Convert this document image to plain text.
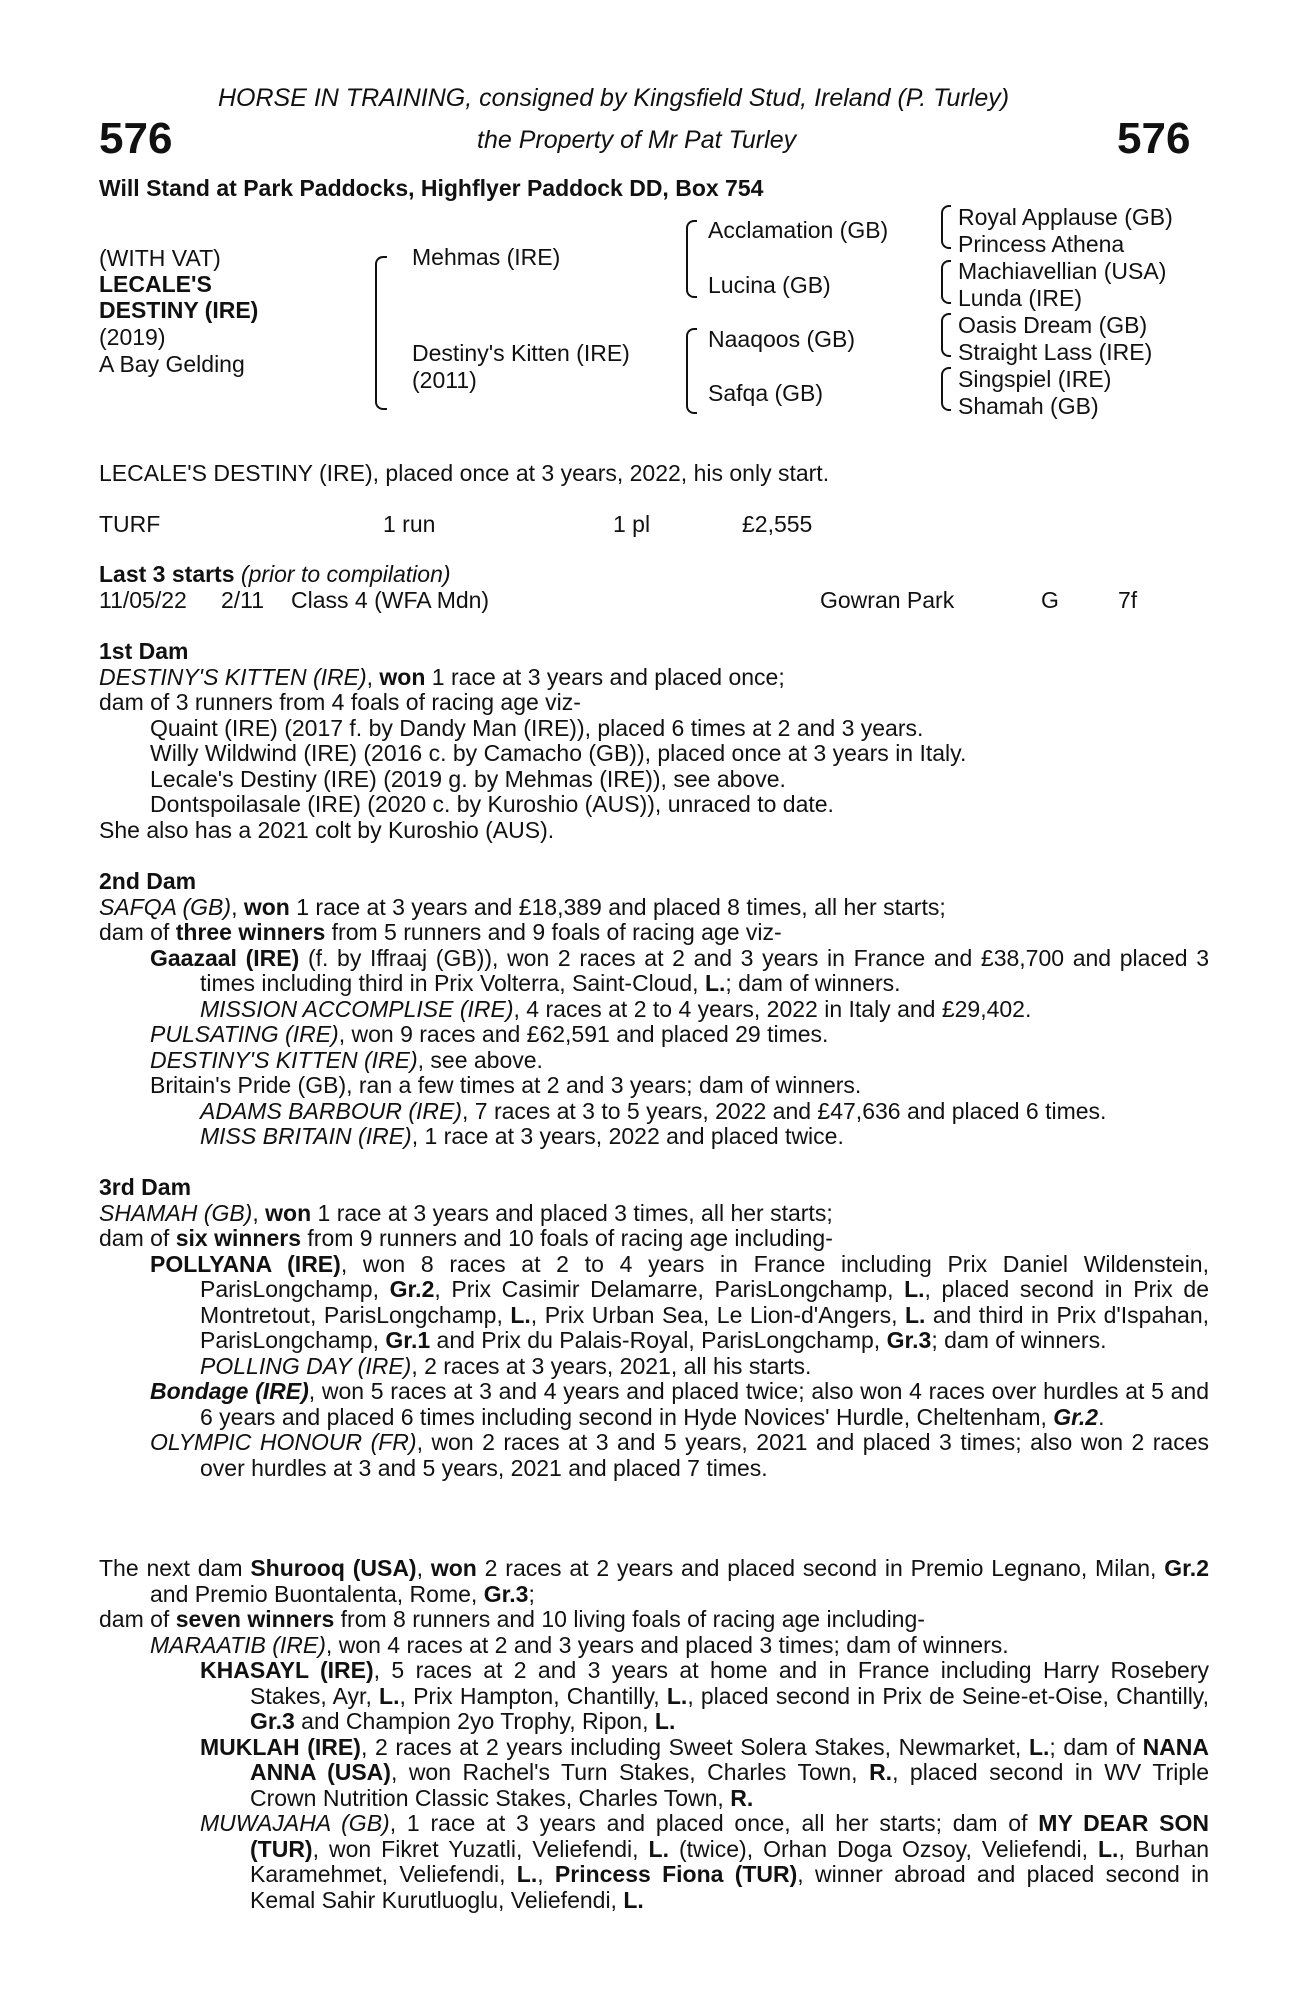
576	576
HORSE IN TRAINING, consigned by Kingsfield Stud, Ireland (P. Turley)
the Property of Mr Pat Turley
Will Stand at Park Paddocks, Highflyer Paddock DD, Box 754
(WITH VAT)
LECALE'S
DESTINY (IRE)
(2019)
A Bay Gelding
Mehmas (IRE)
Destiny's Kitten (IRE)
(2011)
Acclamation (GB)
Lucina (GB)
Naaqoos (GB)
Safqa (GB)
Royal Applause (GB)
Princess Athena
Machiavellian (USA)
Lunda (IRE)
Oasis Dream (GB)
Straight Lass (IRE)
Singspiel (IRE)
Shamah (GB)
LECALE'S DESTINY (IRE), placed once at 3 years, 2022, his only start.
TURF	1 run	1 pl	£2,555
Last 3 starts (prior to compilation)
11/05/22 2/11 Class 4 (WFA Mdn)	Gowran Park	G	7f

1st Dam

DESTINY'S KITTEN (IRE), won 1 race at 3 years and placed once;

dam of 3 runners from 4 foals of racing age viz-

Quaint (IRE) (2017 f. by Dandy Man (IRE)), placed 6 times at 2 and 3 years.

Willy Wildwind (IRE) (2016 c. by Camacho (GB)), placed once at 3 years in Italy.

Lecale's Destiny (IRE) (2019 g. by Mehmas (IRE)), see above.

Dontspoilasale (IRE) (2020 c. by Kuroshio (AUS)), unraced to date.

She also has a 2021 colt by Kuroshio (AUS).

2nd Dam

SAFQA (GB), won 1 race at 3 years and £18,389 and placed 8 times, all her starts;

dam of three winners from 5 runners and 9 foals of racing age viz-

Gaazaal (IRE) (f. by Iffraaj (GB)), won 2 races at 2 and 3 years in France and £38,700 and placed 3 times including third in Prix Volterra, Saint-Cloud, L.; dam of winners.

MISSION ACCOMPLISE (IRE), 4 races at 2 to 4 years, 2022 in Italy and £29,402.

PULSATING (IRE), won 9 races and £62,591 and placed 29 times.

DESTINY'S KITTEN (IRE), see above.

Britain's Pride (GB), ran a few times at 2 and 3 years; dam of winners.

ADAMS BARBOUR (IRE), 7 races at 3 to 5 years, 2022 and £47,636 and placed 6 times.

MISS BRITAIN (IRE), 1 race at 3 years, 2022 and placed twice.

3rd Dam

SHAMAH (GB), won 1 race at 3 years and placed 3 times, all her starts;

dam of six winners from 9 runners and 10 foals of racing age including-

POLLYANA (IRE), won 8 races at 2 to 4 years in France including Prix Daniel Wildenstein, ParisLongchamp, Gr.2, Prix Casimir Delamarre, ParisLongchamp, L., placed second in Prix de Montretout, ParisLongchamp, L., Prix Urban Sea, Le Lion-d'Angers, L. and third in Prix d'Ispahan, ParisLongchamp, Gr.1 and Prix du Palais-Royal, ParisLongchamp, Gr.3; dam of winners.

POLLING DAY (IRE), 2 races at 3 years, 2021, all his starts.

Bondage (IRE), won 5 races at 3 and 4 years and placed twice; also won 4 races over hurdles at 5 and 6 years and placed 6 times including second in Hyde Novices' Hurdle, Cheltenham, Gr.2.

OLYMPIC HONOUR (FR), won 2 races at 3 and 5 years, 2021 and placed 3 times; also won 2 races over hurdles at 3 and 5 years, 2021 and placed 7 times.

The next dam Shurooq (USA), won 2 races at 2 years and placed second in Premio Legnano, Milan, Gr.2 and Premio Buontalenta, Rome, Gr.3;

dam of seven winners from 8 runners and 10 living foals of racing age including-

MARAATIB (IRE), won 4 races at 2 and 3 years and placed 3 times; dam of winners.

KHASAYL (IRE), 5 races at 2 and 3 years at home and in France including Harry Rosebery Stakes, Ayr, L., Prix Hampton, Chantilly, L., placed second in Prix de Seine-et-Oise, Chantilly, Gr.3 and Champion 2yo Trophy, Ripon, L.

MUKLAH (IRE), 2 races at 2 years including Sweet Solera Stakes, Newmarket, L.; dam of NANA ANNA (USA), won Rachel's Turn Stakes, Charles Town, R., placed second in WV Triple Crown Nutrition Classic Stakes, Charles Town, R.

MUWAJAHA (GB), 1 race at 3 years and placed once, all her starts; dam of MY DEAR SON (TUR), won Fikret Yuzatli, Veliefendi, L. (twice), Orhan Doga Ozsoy, Veliefendi, L., Burhan Karamehmet, Veliefendi, L., Princess Fiona (TUR), winner abroad and placed second in Kemal Sahir Kurutluoglu, Veliefendi, L.
